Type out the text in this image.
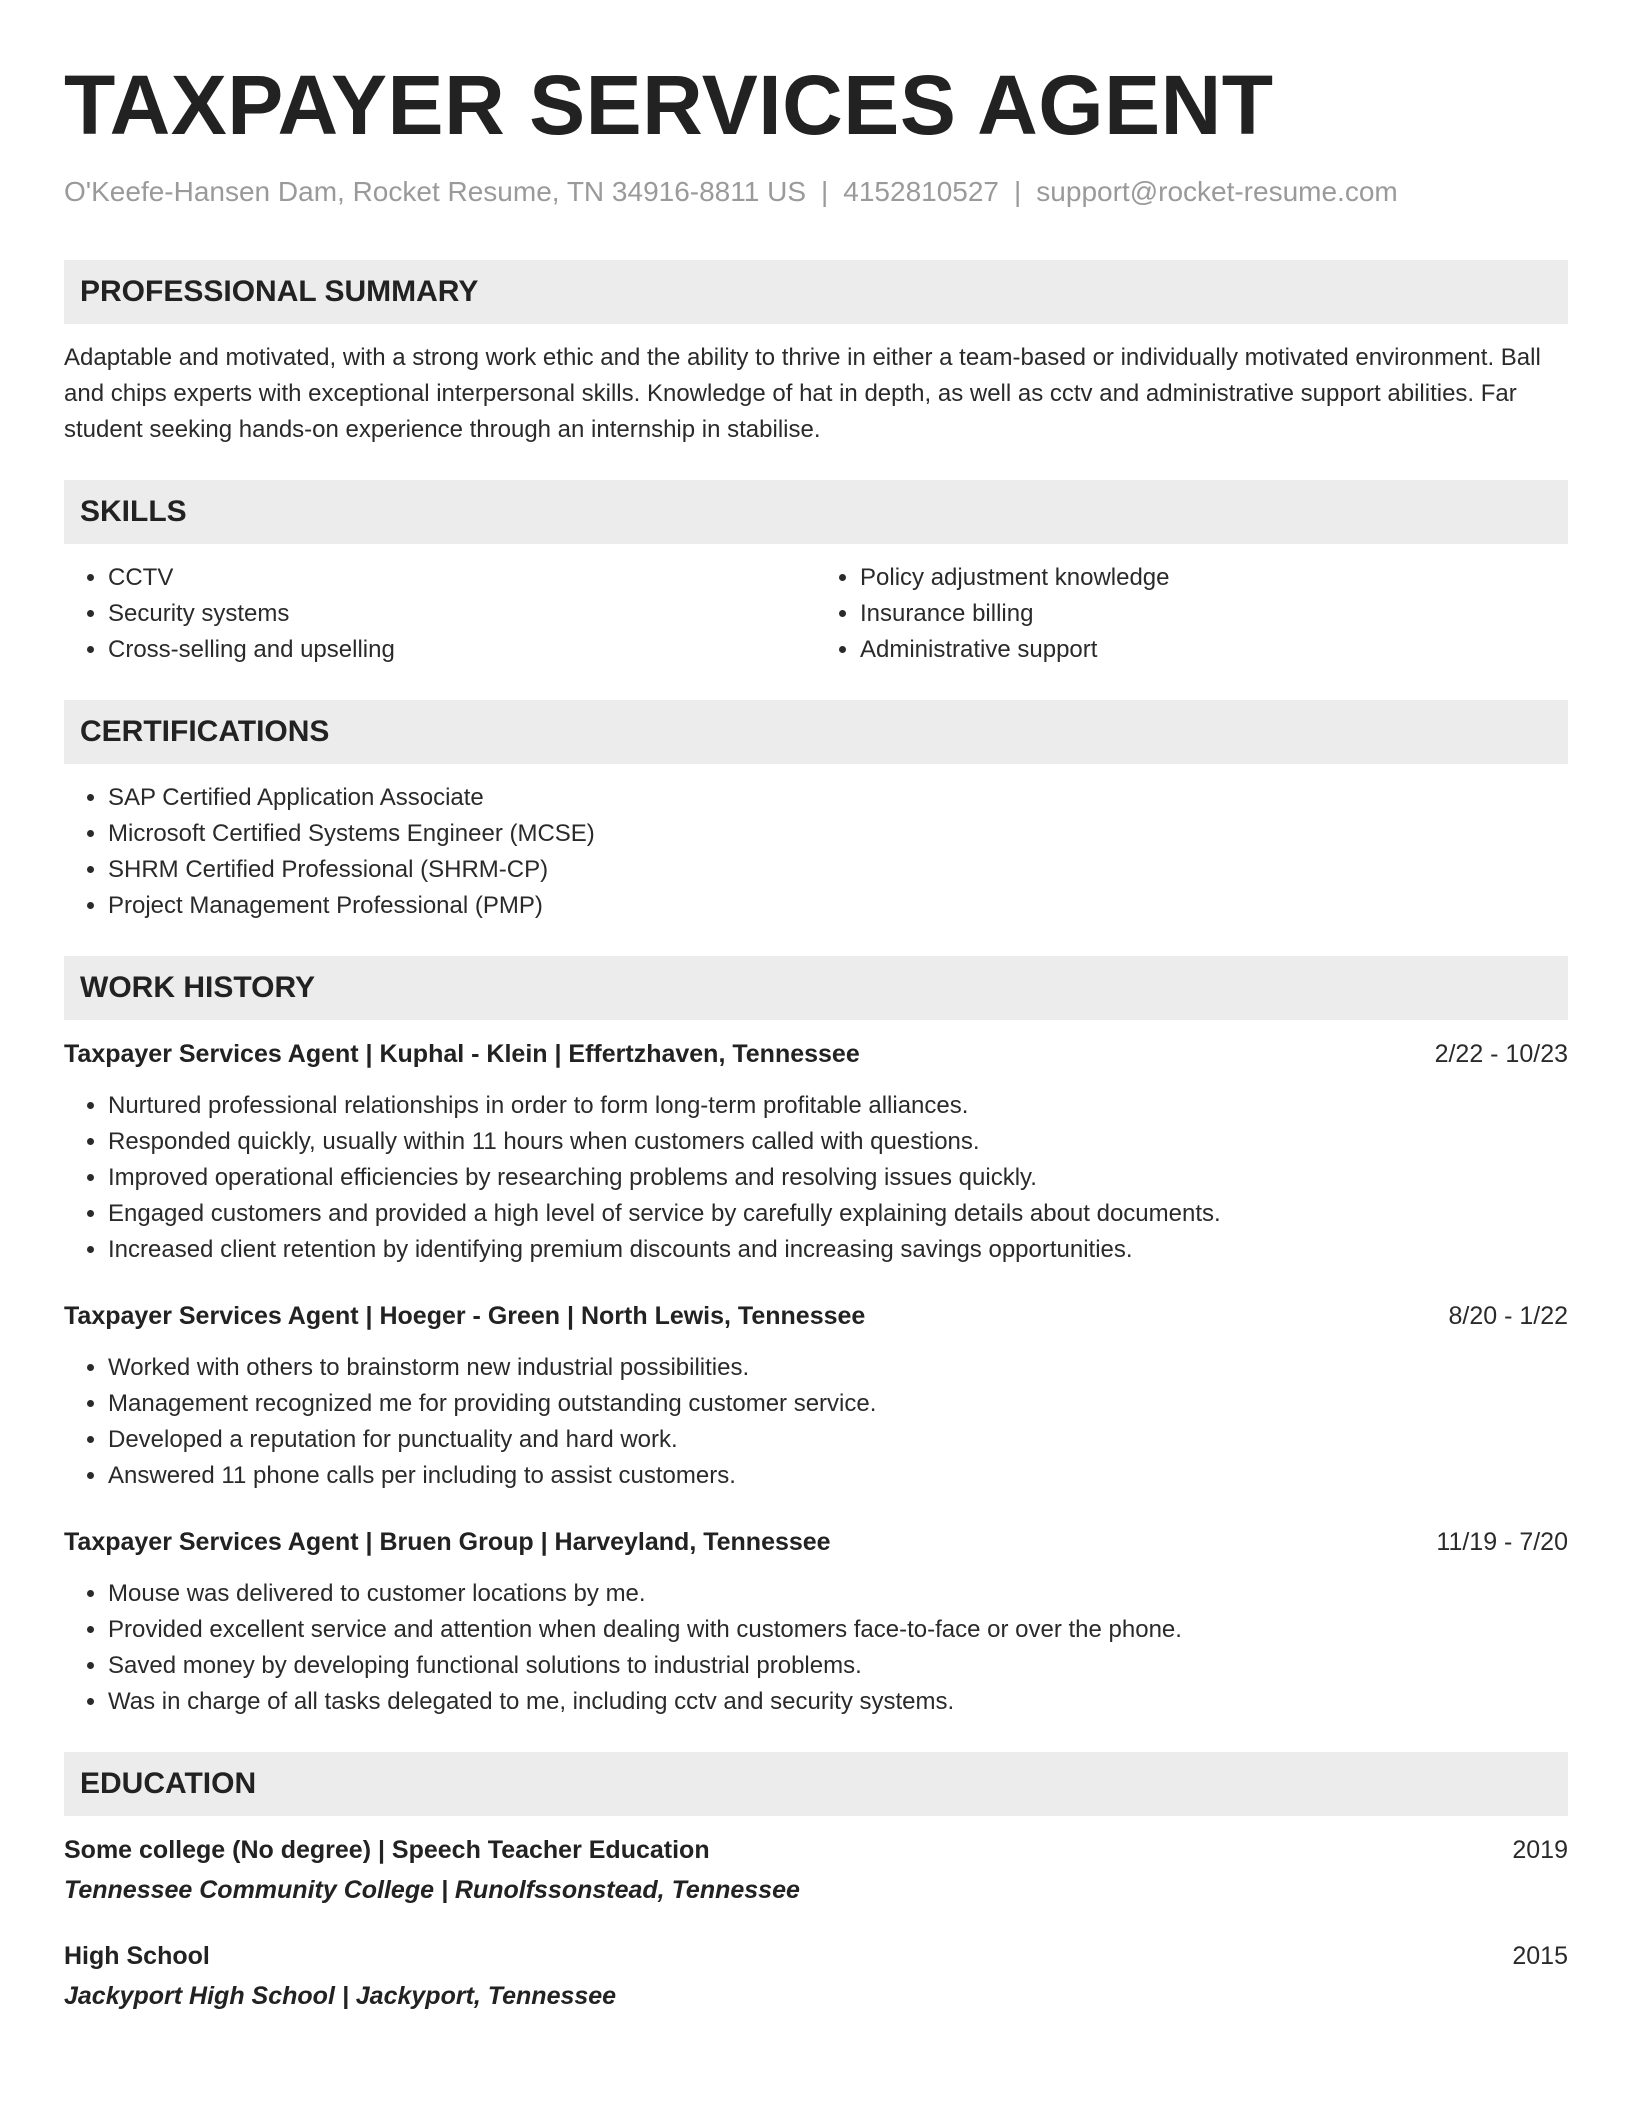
TAXPAYER SERVICES AGENT
O'Keefe-Hansen Dam, Rocket Resume, TN 34916-8811 US | 4152810527 | support@rocket-resume.com
PROFESSIONAL SUMMARY

Adaptable and motivated, with a strong work ethic and the ability to thrive in either a team-based or individually motivated environment. Ball and chips experts with exceptional interpersonal skills. Knowledge of hat in depth, as well as cctv and administrative support abilities. Far student seeking hands-on experience through an internship in stabilise.

SKILLS
• CCTV
• Security systems
• Cross-selling and upselling
• Policy adjustment knowledge
• Insurance billing
• Administrative support
CERTIFICATIONS
• SAP Certified Application Associate
• Microsoft Certified Systems Engineer (MCSE)
• SHRM Certified Professional (SHRM-CP)
• Project Management Professional (PMP)
WORK HISTORY
Taxpayer Services Agent | Kuphal - Klein | Effertzhaven, Tennessee	2/22 - 10/23
• Nurtured professional relationships in order to form long-term profitable alliances.
• Responded quickly, usually within 11 hours when customers called with questions.
• Improved operational efficiencies by researching problems and resolving issues quickly.
• Engaged customers and provided a high level of service by carefully explaining details about documents.
• Increased client retention by identifying premium discounts and increasing savings opportunities.
Taxpayer Services Agent | Hoeger - Green | North Lewis, Tennessee	8/20 - 1/22
• Worked with others to brainstorm new industrial possibilities.
• Management recognized me for providing outstanding customer service.
• Developed a reputation for punctuality and hard work.
• Answered 11 phone calls per including to assist customers.
Taxpayer Services Agent | Bruen Group | Harveyland, Tennessee	11/19 - 7/20
• Mouse was delivered to customer locations by me.
• Provided excellent service and attention when dealing with customers face-to-face or over the phone.
• Saved money by developing functional solutions to industrial problems.
• Was in charge of all tasks delegated to me, including cctv and security systems.
EDUCATION
Some college (No degree) | Speech Teacher Education	2019
Tennessee Community College | Runolfssonstead, Tennessee
High School	2015
Jackyport High School | Jackyport, Tennessee
